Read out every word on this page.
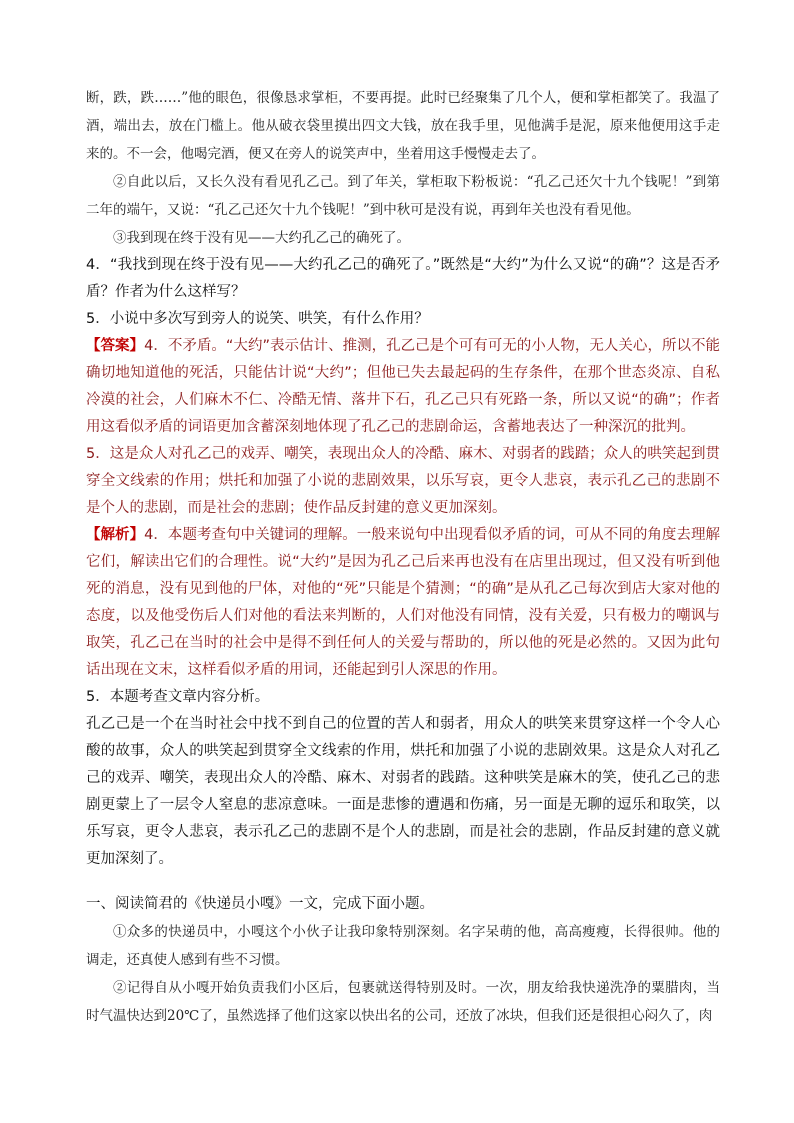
断，跌，跌……”他的眼色，很像恳求掌柜，不要再提。此时已经聚集了几个人，便和掌柜都笑了。我温了酒，端出去，放在门槛上。他从破衣袋里摸出四文大钱，放在我手里，见他满手是泥，原来他便用这手走来的。不一会，他喝完酒，便又在旁人的说笑声中，坐着用这手慢慢走去了。

②自此以后，又长久没有看见孔乙己。到了年关，掌柜取下粉板说：“孔乙己还欠十九个钱呢！”到第二年的端午，又说：“孔乙己还欠十九个钱呢！”到中秋可是没有说，再到年关也没有看见他。

③我到现在终于没有见——大约孔乙己的确死了。

4．“我找到现在终于没有见——大约孔乙己的确死了。”既然是“大约”为什么又说“的确”？这是否矛盾？作者为什么这样写？

5．小说中多次写到旁人的说笑、哄笑，有什么作用？

【答案】4．不矛盾。“大约”表示估计、推测，孔乙己是个可有可无的小人物，无人关心，所以不能确切地知道他的死活，只能估计说“大约”；但他已失去最起码的生存条件，在那个世态炎凉、自私冷漠的社会，人们麻木不仁、冷酷无情、落井下石，孔乙己只有死路一条，所以又说“的确”；作者用这看似矛盾的词语更加含蓄深刻地体现了孔乙己的悲剧命运，含蓄地表达了一种深沉的批判。

5．这是众人对孔乙己的戏弄、嘲笑，表现出众人的冷酷、麻木、对弱者的践踏；众人的哄笑起到贯穿全文线索的作用；烘托和加强了小说的悲剧效果，以乐写哀，更令人悲哀，表示孔乙己的悲剧不是个人的悲剧，而是社会的悲剧；使作品反封建的意义更加深刻。

【解析】4．本题考查句中关键词的理解。一般来说句中出现看似矛盾的词，可从不同的角度去理解它们，解读出它们的合理性。说“大约”是因为孔乙己后来再也没有在店里出现过，但又没有听到他死的消息，没有见到他的尸体，对他的“死”只能是个猜测；“的确”是从孔乙己每次到店大家对他的态度，以及他受伤后人们对他的看法来判断的，人们对他没有同情，没有关爱，只有极力的嘲讽与取笑，孔乙己在当时的社会中是得不到任何人的关爱与帮助的，所以他的死是必然的。又因为此句话出现在文末，这样看似矛盾的用词，还能起到引人深思的作用。

5．本题考查文章内容分析。

孔乙己是一个在当时社会中找不到自己的位置的苦人和弱者，用众人的哄笑来贯穿这样一个令人心酸的故事，众人的哄笑起到贯穿全文线索的作用，烘托和加强了小说的悲剧效果。这是众人对孔乙己的戏弄、嘲笑，表现出众人的冷酷、麻木、对弱者的践踏。这种哄笑是麻木的笑，使孔乙己的悲剧更蒙上了一层令人窒息的悲凉意味。一面是悲惨的遭遇和伤痛，另一面是无聊的逗乐和取笑，以乐写哀，更令人悲哀，表示孔乙己的悲剧不是个人的悲剧，而是社会的悲剧，作品反封建的意义就更加深刻了。

一、阅读简君的《快递员小嘎》一文，完成下面小题。

①众多的快递员中，小嘎这个小伙子让我印象特别深刻。名字呆萌的他，高高瘦瘦，长得很帅。他的调走，还真使人感到有些不习惯。

②记得自从小嘎开始负责我们小区后，包裹就送得特别及时。一次，朋友给我快递洗净的粟腊肉，当时气温快达到20℃了，虽然选择了他们这家以快出名的公司，还放了冰块，但我们还是很担心闷久了，肉
